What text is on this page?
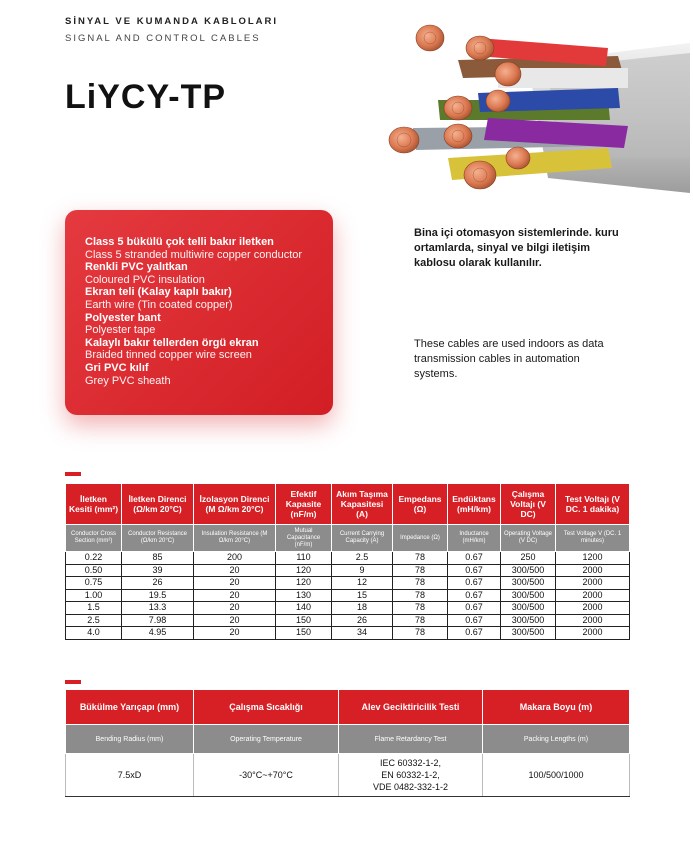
SİNYAL VE KUMANDA KABLOLARI
SIGNAL AND CONTROL CABLES
LiYCY-TP
Class 5 bükülü çok telli bakır iletken
Class 5 stranded multiwire copper conductor
Renkli PVC yalıtkan
Coloured PVC insulation
Ekran teli (Kalay kaplı bakır)
Earth wire (Tin coated copper)
Polyester bant
Polyester tape
Kalaylı bakır tellerden örgü ekran
Braided tinned copper wire screen
Gri PVC kılıf
Grey PVC sheath
Bina içi otomasyon sistemlerinde. kuru ortamlarda, sinyal ve bilgi iletişim kablosu olarak kullanılır.
These cables are used indoors as data transmission cables in automation systems.
İletken Kesiti (mm²)	İletken Direnci (Ω/km 20°C)	İzolasyon Direnci (M Ω/km 20°C)	Efektif Kapasite (nF/m)	Akım Taşıma Kapasitesi (A)	Empedans (Ω)	Endüktans (mH/km)	Çalışma Voltajı (V DC)	Test Voltajı (V DC. 1 dakika)
Conductor Cross Section (mm²)	Conductor Resistance (Ω/km 20°C)	Insulation Resistance (M Ω/km 20°C)	Mutual Capacitance (nF/m)	Current Carrying Capacity (A)	Impedance (Ω)	Inductance (mH/km)	Operating Voltage (V DC)	Test Voltage V (DC. 1 minutes)
0.22	85	200	110	2.5	78	0.67	250	1200
0.50	39	20	120	9	78	0.67	300/500	2000
0.75	26	20	120	12	78	0.67	300/500	2000
1.00	19.5	20	130	15	78	0.67	300/500	2000
1.5	13.3	20	140	18	78	0.67	300/500	2000
2.5	7.98	20	150	26	78	0.67	300/500	2000
4.0	4.95	20	150	34	78	0.67	300/500	2000
Bükülme Yarıçapı (mm)	Çalışma Sıcaklığı	Alev Geciktiricilik Testi	Makara Boyu (m)
Bending Radius (mm)	Operating Temperature	Flame Retardancy Test	Packing Lengths (m)
7.5xD	-30°C~+70°C	IEC 60332-1-2,
EN 60332-1-2,
VDE 0482-332-1-2	100/500/1000
